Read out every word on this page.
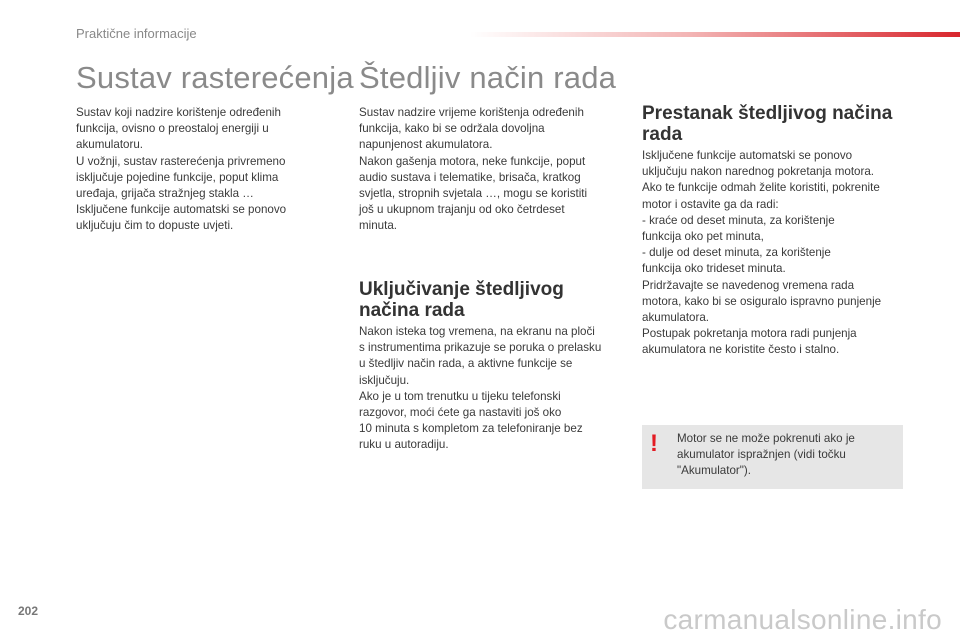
Praktične informacije
Sustav rasterećenja

Sustav koji nadzire korištenje određenih
funkcija, ovisno o preostaloj energiji u
akumulatoru.
U vožnji, sustav rasterećenja privremeno
isključuje pojedine funkcije, poput klima
uređaja, grijača stražnjeg stakla …
Isključene funkcije automatski se ponovo
uključuju čim to dopuste uvjeti.

Štedljiv način rada

Sustav nadzire vrijeme korištenja određenih
funkcija, kako bi se održala dovoljna
napunjenost akumulatora.
Nakon gašenja motora, neke funkcije, poput
audio sustava i telematike, brisača, kratkog
svjetla, stropnih svjetala …, mogu se koristiti
još u ukupnom trajanju od oko četrdeset
minuta.

Uključivanje štedljivog
načina rada

Nakon isteka tog vremena, na ekranu na ploči
s instrumentima prikazuje se poruka o prelasku
u štedljiv način rada, a aktivne funkcije se
isključuju.
Ako je u tom trenutku u tijeku telefonski
razgovor, moći ćete ga nastaviti još oko
10 minuta s kompletom za telefoniranje bez
ruku u autoradiju.

Prestanak štedljivog načina
rada

Isključene funkcije automatski se ponovo
uključuju nakon narednog pokretanja motora.
Ako te funkcije odmah želite koristiti, pokrenite
motor i ostavite ga da radi:
- kraće od deset minuta, za korištenje
funkcija oko pet minuta,
- dulje od deset minuta, za korištenje
funkcija oko trideset minuta.
Pridržavajte se navedenog vremena rada
motora, kako bi se osiguralo ispravno punjenje
akumulatora.
Postupak pokretanja motora radi punjenja
akumulatora ne koristite često i stalno.

! Motor se ne može pokrenuti ako je akumulator ispražnjen (vidi točku "Akumulator").

202	carmanualsonline.info
